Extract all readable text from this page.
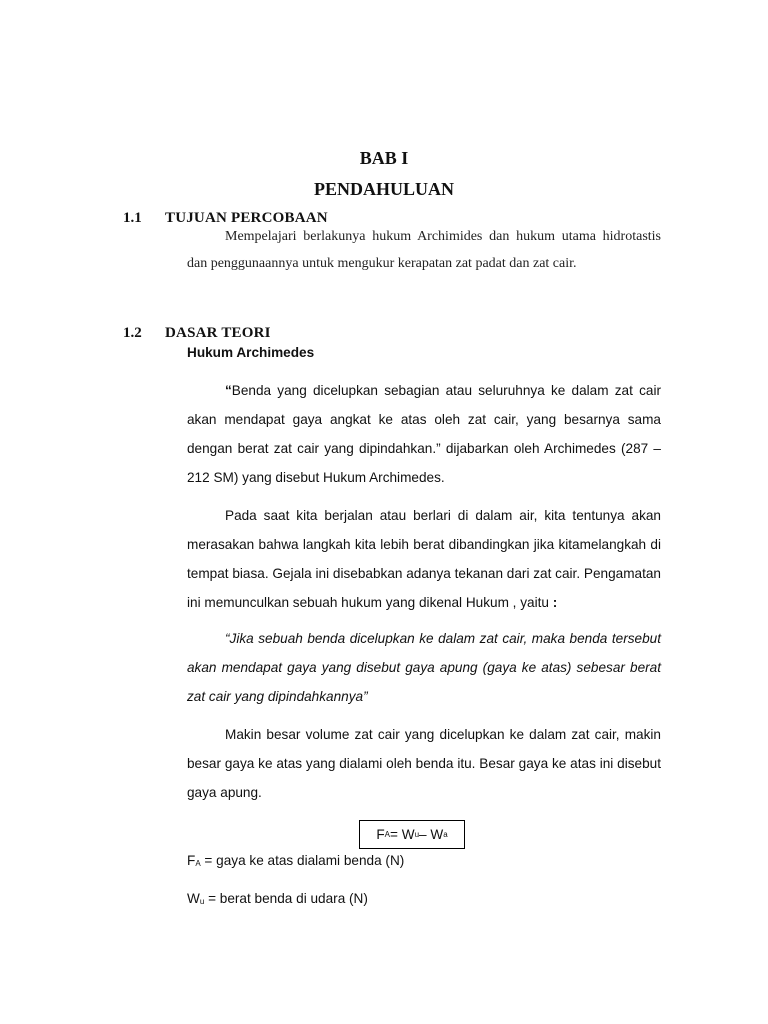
BAB I
PENDAHULUAN
1.1 TUJUAN PERCOBAAN
Mempelajari berlakunya hukum Archimides dan hukum utama hidrotastis dan penggunaannya untuk mengukur kerapatan zat padat dan zat cair.
1.2 DASAR TEORI
Hukum Archimedes
“Benda yang dicelupkan sebagian atau seluruhnya ke dalam zat cair akan mendapat gaya angkat ke atas oleh zat cair, yang besarnya sama dengan berat zat cair yang dipindahkan.” dijabarkan oleh Archimedes (287 – 212 SM) yang disebut Hukum Archimedes.
Pada saat kita berjalan atau berlari di dalam air, kita tentunya akan merasakan bahwa langkah kita lebih berat dibandingkan jika kitamelangkah di tempat biasa. Gejala ini disebabkan adanya tekanan dari zat cair. Pengamatan ini memunculkan sebuah hukum yang dikenal Hukum , yaitu :
“Jika sebuah benda dicelupkan ke dalam zat cair, maka benda tersebut akan mendapat gaya yang disebut gaya apung (gaya ke atas) sebesar berat zat cair yang dipindahkannya”
Makin besar volume zat cair yang dicelupkan ke dalam zat cair, makin besar gaya ke atas yang dialami oleh benda itu. Besar gaya ke atas ini disebut gaya apung.
F A = W u – W a
$F_A$ = gaya ke atas dialami benda (N)
$W_u$ = berat benda di udara (N)
